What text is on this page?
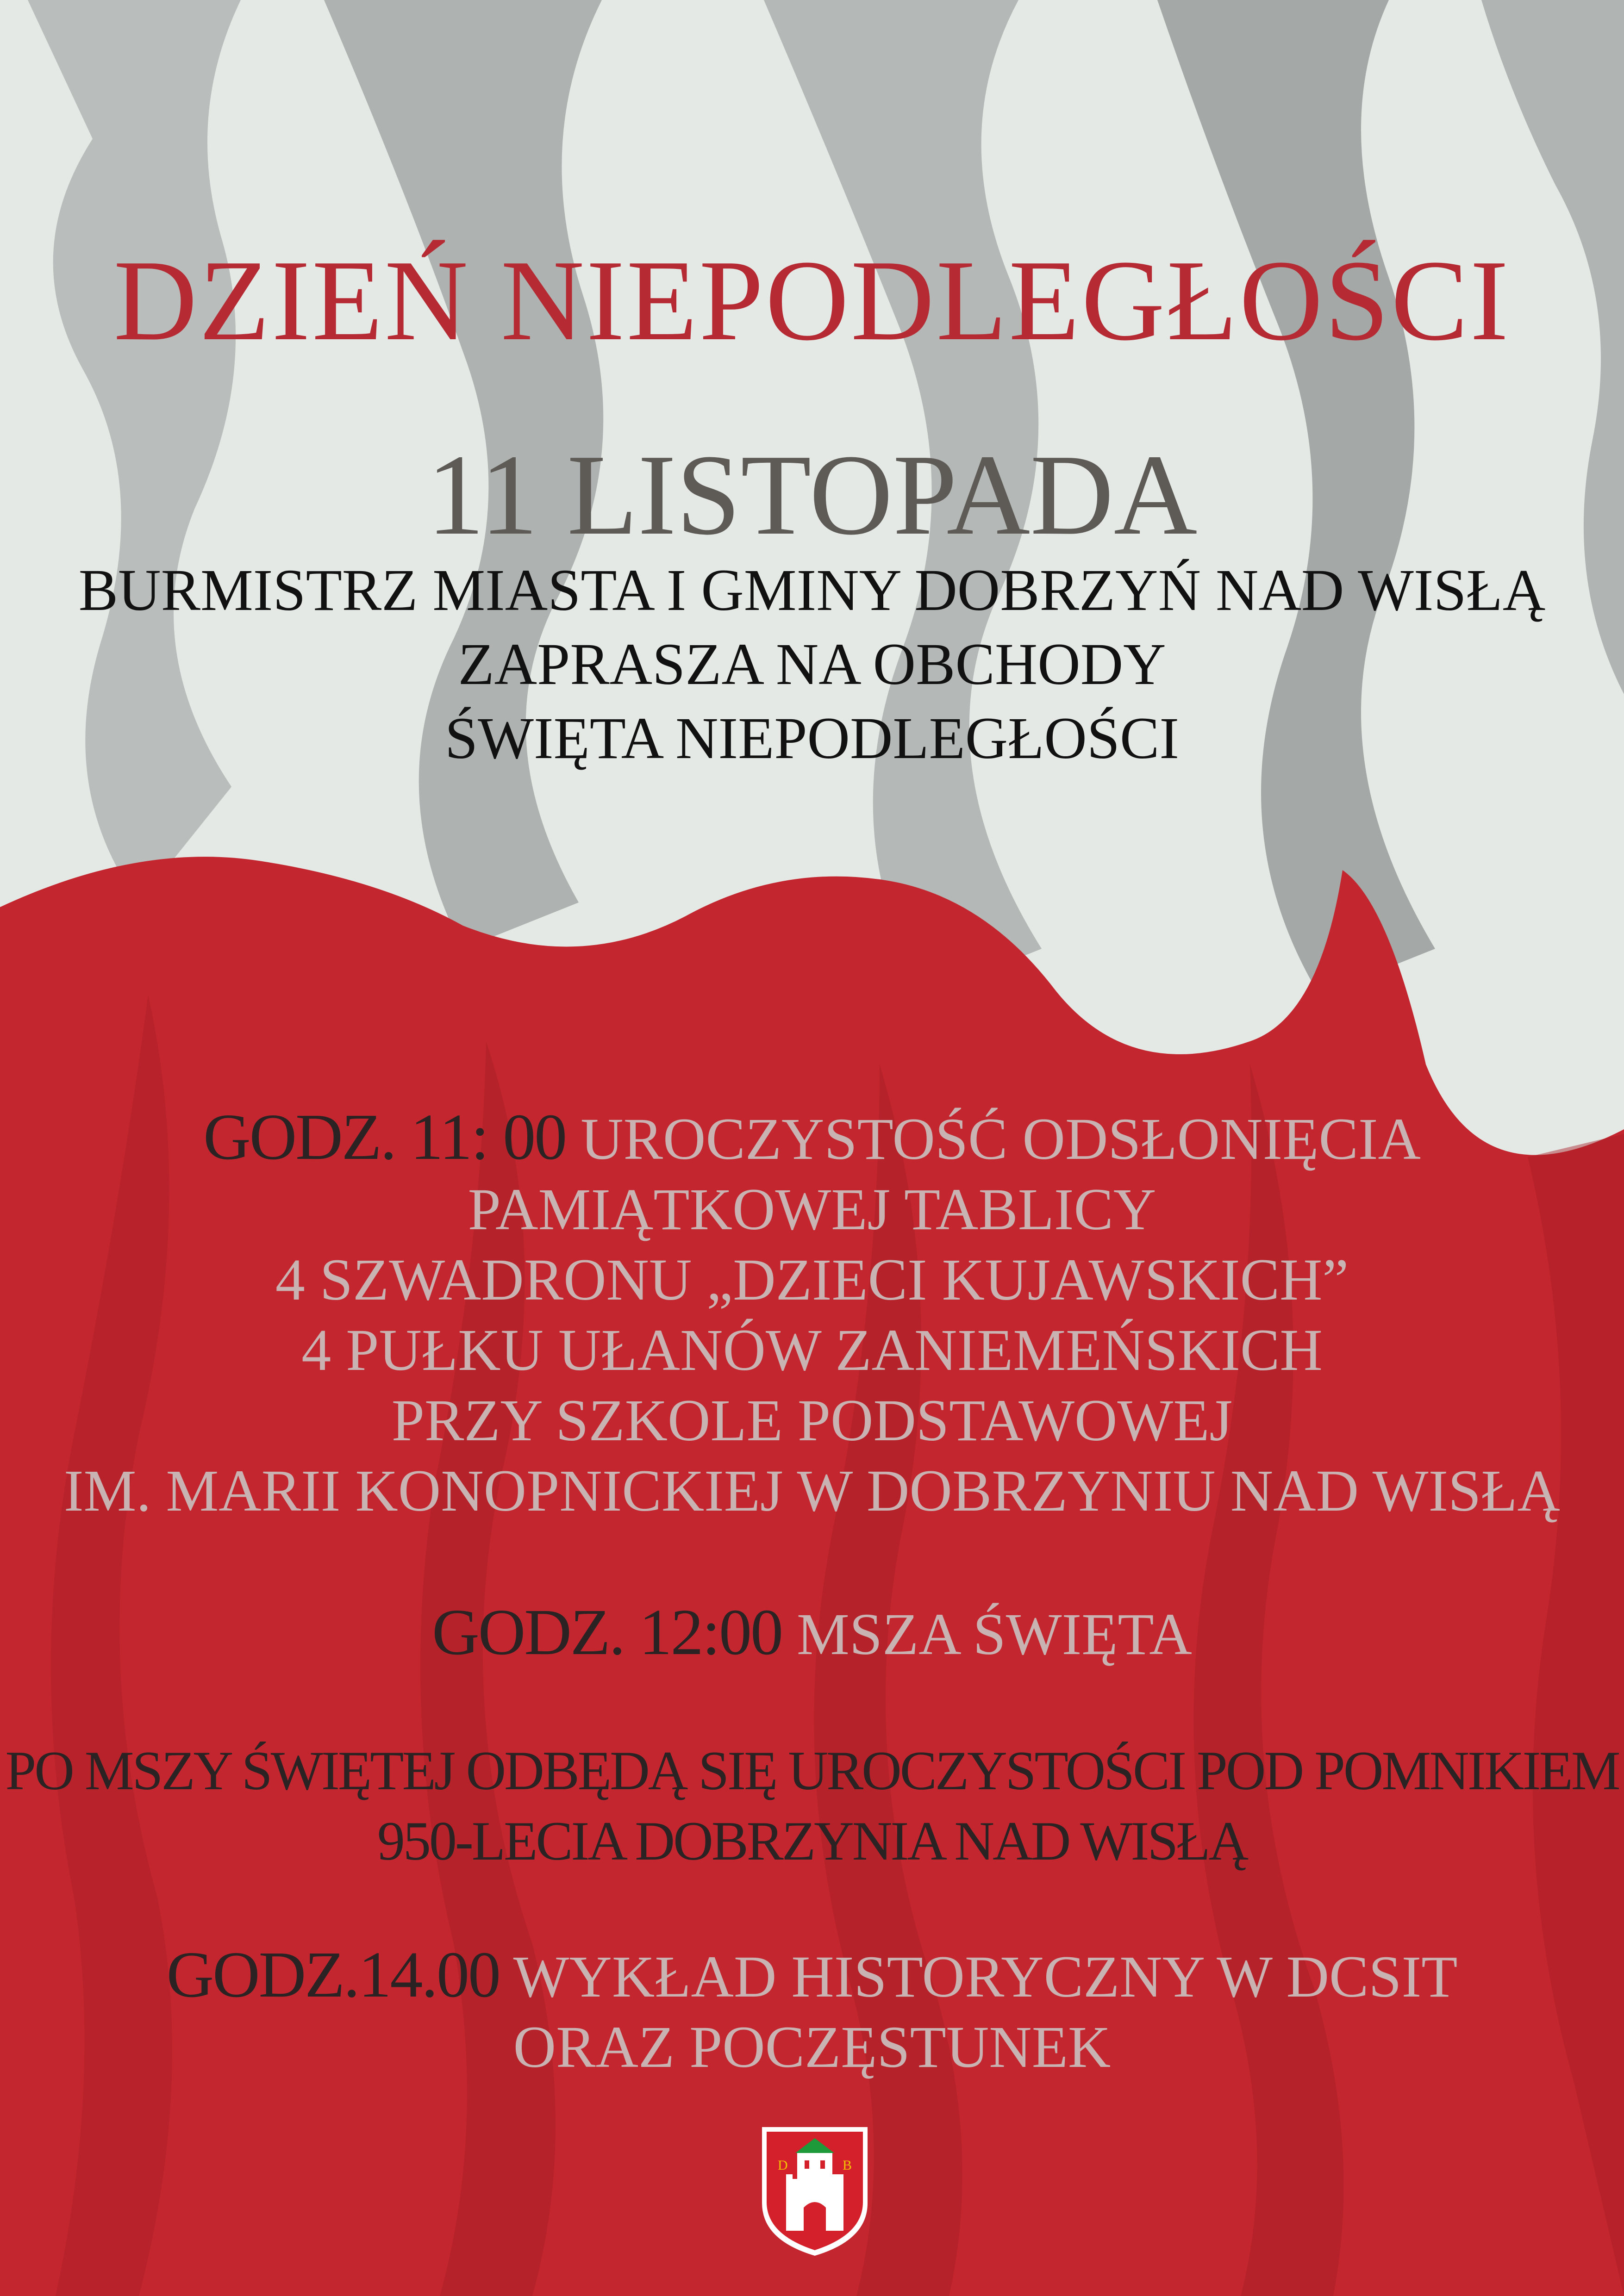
DZIEŃ NIEPODLEGŁOŚCI
11 LISTOPADA
BURMISTRZ MIASTA I GMINY DOBRZYŃ NAD WISŁĄ
ZAPRASZA NA OBCHODY
ŚWIĘTA NIEPODLEGŁOŚCI
GODZ. 11: 00 UROCZYSTOŚĆ ODSŁONIĘCIA
PAMIĄTKOWEJ TABLICY
4 SZWADRONU „DZIECI KUJAWSKICH”
4 PUŁKU UŁANÓW ZANIEMEŃSKICH
PRZY SZKOLE PODSTAWOWEJ
IM. MARII KONOPNICKIEJ W DOBRZYNIU NAD WISŁĄ
GODZ. 12:00 MSZA ŚWIĘTA
PO MSZY ŚWIĘTEJ ODBĘDĄ SIĘ UROCZYSTOŚCI POD POMNIKIEM
950-LECIA DOBRZYNIA NAD WISŁĄ
GODZ.14.00 WYKŁAD HISTORYCZNY W DCSIT
ORAZ POCZĘSTUNEK
D	B
